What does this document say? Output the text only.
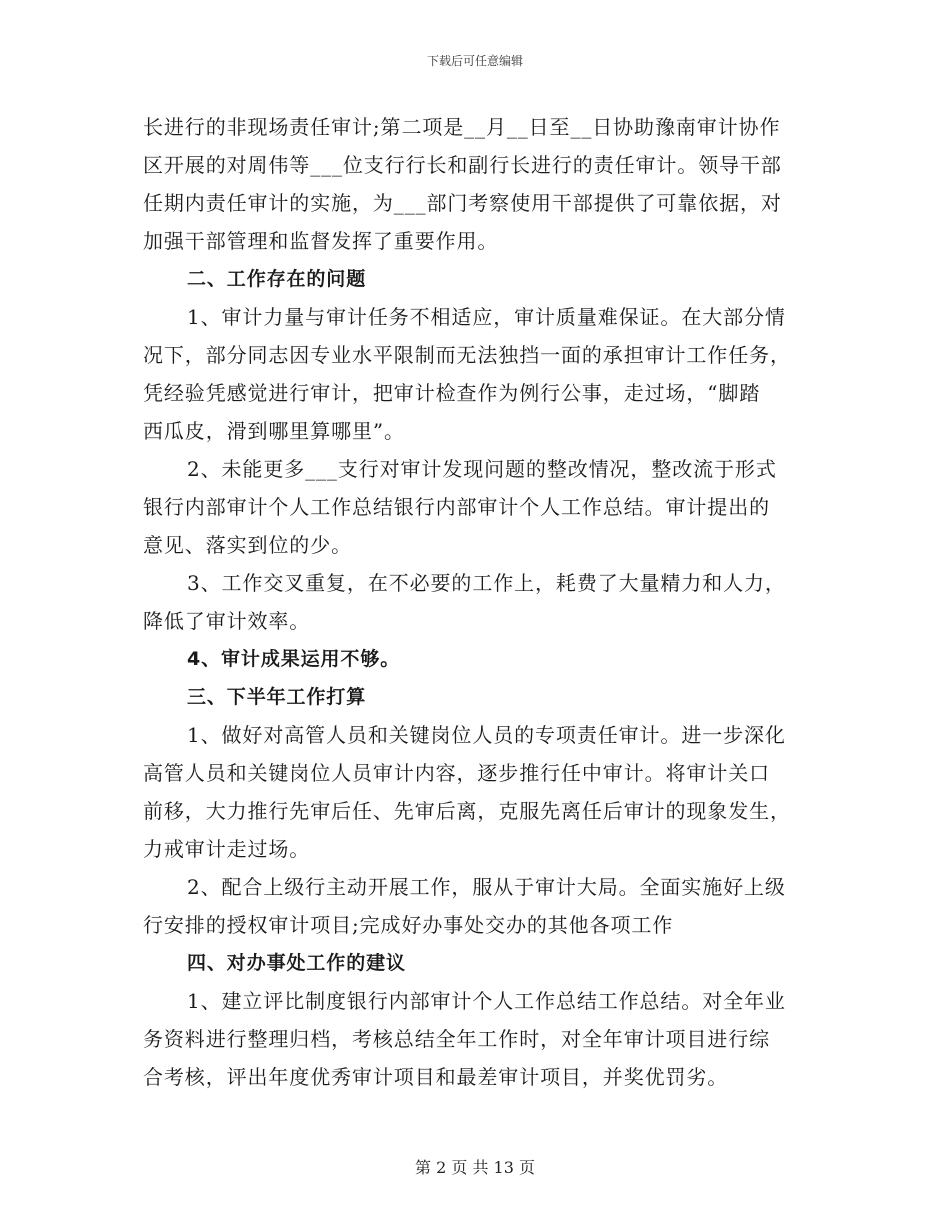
下载后可任意编辑
长进行的非现场责任审计;第二项是__月__日至__日协助豫南审计协作
区开展的对周伟等___位支行行长和副行长进行的责任审计。领导干部
任期内责任审计的实施，为___部门考察使用干部提供了可靠依据，对
加强干部管理和监督发挥了重要作用。
二、工作存在的问题
1、审计力量与审计任务不相适应，审计质量难保证。在大部分情
况下，部分同志因专业水平限制而无法独挡一面的承担审计工作任务，
凭经验凭感觉进行审计，把审计检查作为例行公事，走过场，“脚踏
西瓜皮，滑到哪里算哪里”。
2、未能更多___支行对审计发现问题的整改情况，整改流于形式
银行内部审计个人工作总结银行内部审计个人工作总结。审计提出的
意见、落实到位的少。
3、工作交叉重复，在不必要的工作上，耗费了大量精力和人力，
降低了审计效率。
4、审计成果运用不够。
三、下半年工作打算
1、做好对高管人员和关键岗位人员的专项责任审计。进一步深化
高管人员和关键岗位人员审计内容，逐步推行任中审计。将审计关口
前移，大力推行先审后任、先审后离，克服先离任后审计的现象发生，
力戒审计走过场。
2、配合上级行主动开展工作，服从于审计大局。全面实施好上级
行安排的授权审计项目;完成好办事处交办的其他各项工作
四、对办事处工作的建议
1、建立评比制度银行内部审计个人工作总结工作总结。对全年业
务资料进行整理归档，考核总结全年工作时，对全年审计项目进行综
合考核，评出年度优秀审计项目和最差审计项目，并奖优罚劣。
第 2 页 共 13 页
